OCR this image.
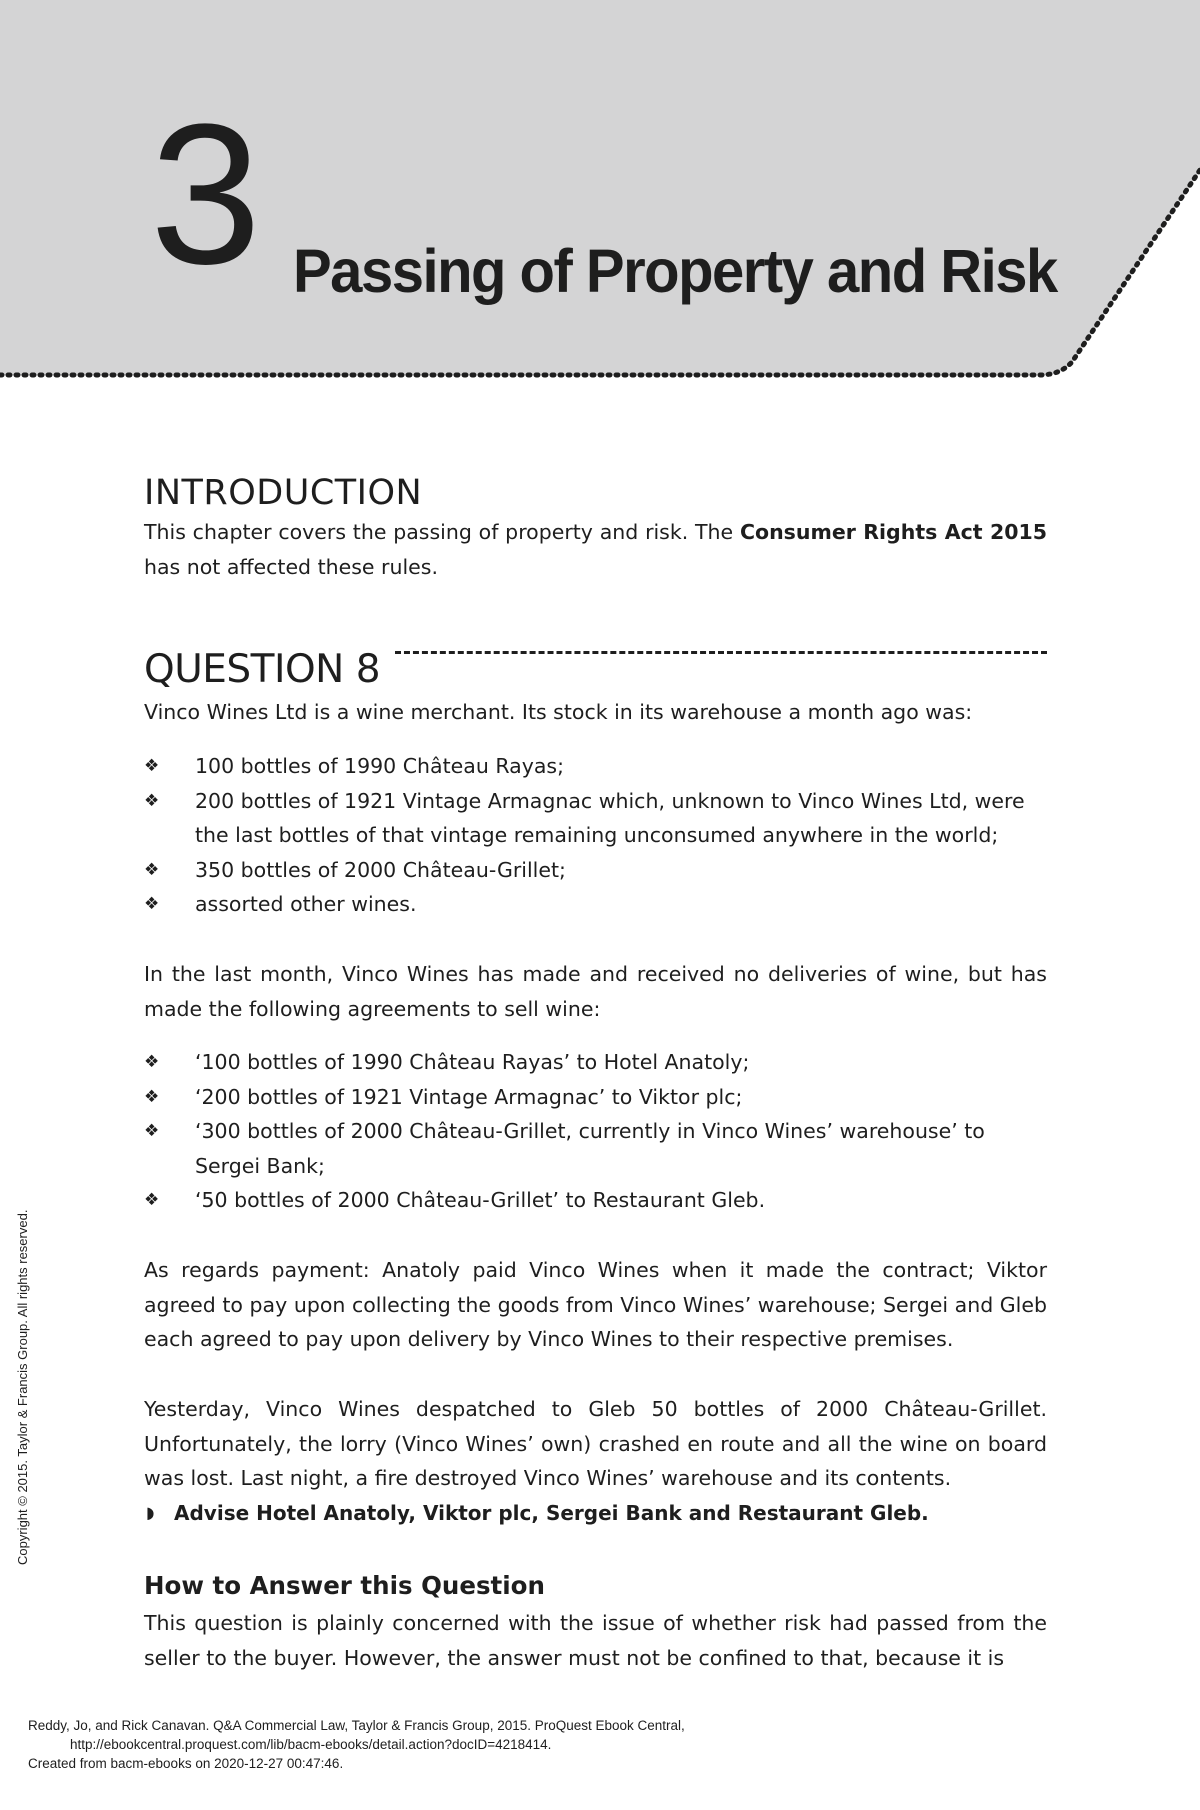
3 Passing of Property and Risk
INTRODUCTION

This chapter covers the passing of property and risk. The Consumer Rights Act 2015 has not affected these rules.

QUESTION 8

Vinco Wines Ltd is a wine merchant. Its stock in its warehouse a month ago was:

❖ 100 bottles of 1990 Château Rayas;
❖ 200 bottles of 1921 Vintage Armagnac which, unknown to Vinco Wines Ltd, were the last bottles of that vintage remaining unconsumed anywhere in the world;
❖ 350 bottles of 2000 Château-Grillet;
❖ assorted other wines.

In the last month, Vinco Wines has made and received no deliveries of wine, but has made the following agreements to sell wine:

❖ ‘100 bottles of 1990 Château Rayas’ to Hotel Anatoly;
❖ ‘200 bottles of 1921 Vintage Armagnac’ to Viktor plc;
❖ ‘300 bottles of 2000 Château-Grillet, currently in Vinco Wines’ warehouse’ to Sergei Bank;
❖ ‘50 bottles of 2000 Château-Grillet’ to Restaurant Gleb.

As regards payment: Anatoly paid Vinco Wines when it made the contract; Viktor agreed to pay upon collecting the goods from Vinco Wines’ warehouse; Sergei and Gleb each agreed to pay upon delivery by Vinco Wines to their respective premises.

Yesterday, Vinco Wines despatched to Gleb 50 bottles of 2000 Château-Grillet. Unfortunately, the lorry (Vinco Wines’ own) crashed en route and all the wine on board was lost. Last night, a fire destroyed Vinco Wines’ warehouse and its contents.

◗ Advise Hotel Anatoly, Viktor plc, Sergei Bank and Restaurant Gleb.
How to Answer this Question

This question is plainly concerned with the issue of whether risk had passed from the seller to the buyer. However, the answer must not be confined to that, because it is

Copyright © 2015. Taylor & Francis Group. All rights reserved.
Reddy, Jo, and Rick Canavan. Q&A Commercial Law, Taylor & Francis Group, 2015. ProQuest Ebook Central,
http://ebookcentral.proquest.com/lib/bacm-ebooks/detail.action?docID=4218414.
Created from bacm-ebooks on 2020-12-27 00:47:46.
